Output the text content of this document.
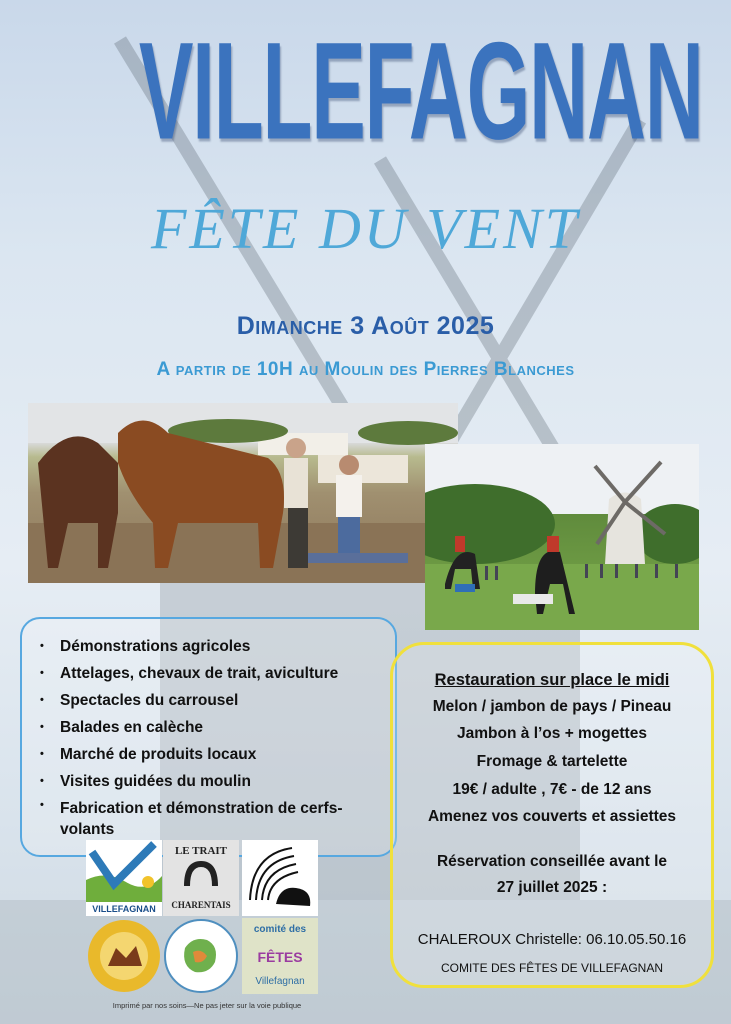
VILLEFAGNAN
FÊTE DU VENT
Dimanche 3 Août 2025
A partir de 10H au Moulin des Pierres Blanches
• Démonstrations agricoles
• Attelages, chevaux de trait, aviculture
• Spectacles du carrousel
• Balades en calèche
• Marché de produits locaux
• Visites guidées du moulin
• Fabrication et démonstration de cerfs-volants
Restauration sur place le midi
Melon / jambon de pays / Pineau
Jambon à l’os + mogettes
Fromage & tartelette
19€ / adulte , 7€ - de 12 ans
Amenez vos couverts et assiettes
Réservation conseillée avant le
27 juillet 2025 :
CHALEROUX Christelle: 06.10.05.50.16
COMITE DES FÊTES DE VILLEFAGNAN
VILLEFAGNAN
LE TRAIT
CHARENTAIS
comité des
FÊTES
Villefagnan
Imprimé par nos soins—Ne pas jeter sur la voie publique
